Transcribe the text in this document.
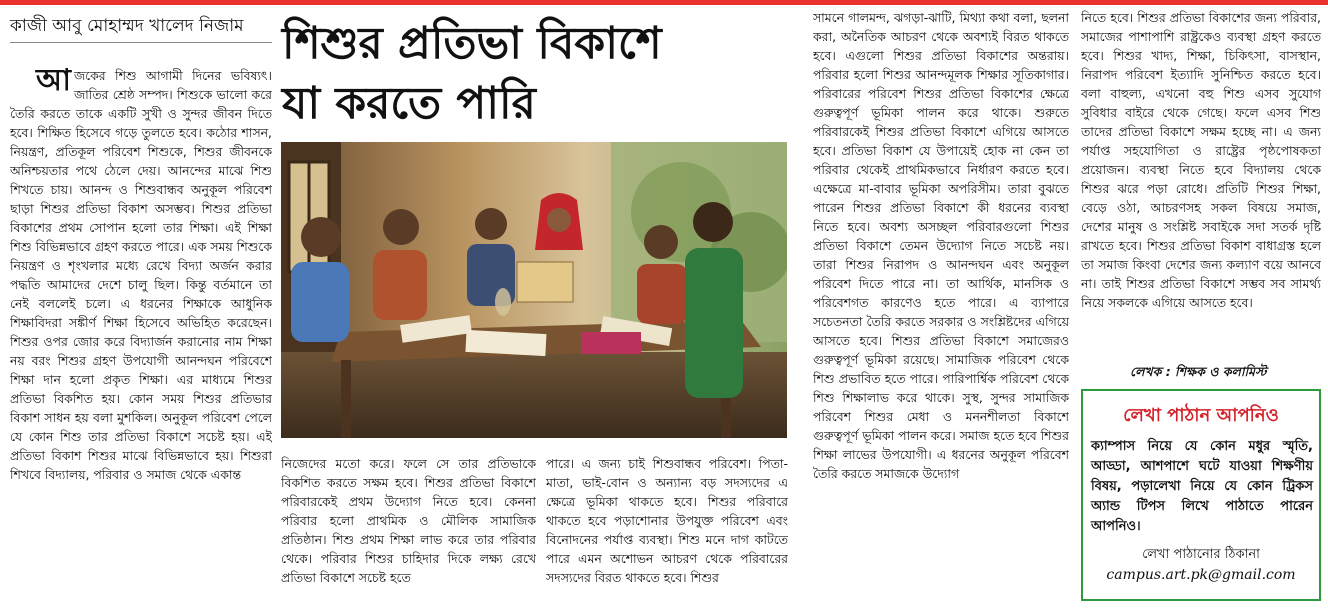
কাজী আবু মোহাম্মদ খালেদ নিজাম
আজকের শিশু আগামী দিনের ভবিষ্যৎ। জাতির শ্রেষ্ঠ সম্পদ। শিশুকে ভালো করে তৈরি করতে তাকে একটি সুখী ও সুন্দর জীবন দিতে হবে। শিক্ষিত হিসেবে গড়ে তুলতে হবে। কঠোর শাসন, নিয়ন্ত্রণ, প্রতিকূল পরিবেশ শিশুকে, শিশুর জীবনকে অনিশ্চয়তার পথে ঠেলে দেয়। আনন্দের মাঝে শিশু শিখতে চায়। আনন্দ ও শিশুবান্ধব অনুকূল পরিবেশ ছাড়া শিশুর প্রতিভা বিকাশ অসম্ভব। শিশুর প্রতিভা বিকাশের প্রথম সোপান হলো তার শিক্ষা। এই শিক্ষা শিশু বিভিন্নভাবে গ্রহণ করতে পারে। এক সময় শিশুকে নিয়ন্ত্রণ ও শৃংখলার মধ্যে রেখে বিদ্যা অর্জন করার পদ্ধতি আমাদের দেশে চালু ছিল। কিন্তু বর্তমানে তা নেই বললেই চলে। এ ধরনের শিক্ষাকে আধুনিক শিক্ষাবিদরা সঙ্কীর্ণ শিক্ষা হিসেবে অভিহিত করেছেন। শিশুর ওপর জোর করে বিদ্যার্জন করানোর নাম শিক্ষা নয় বরং শিশুর গ্রহণ উপযোগী আনন্দঘন পরিবেশে শিক্ষা দান হলো প্রকৃত শিক্ষা। এর মাধ্যমে শিশুর প্রতিভা বিকশিত হয়। কোন সময় শিশুর প্রতিভার বিকাশ সাধন হয় বলা মুশকিল। অনুকূল পরিবেশ পেলে যে কোন শিশু তার প্রতিভা বিকাশে সচেষ্ট হয়। এই প্রতিভা বিকাশ শিশুর মাঝে বিভিন্নভাবে হয়। শিশুরা শিখবে বিদ্যালয়, পরিবার ও সমাজ থেকে একান্ত
শিশুর প্রতিভা বিকাশে
যা করতে পারি

নিজেদের মতো করে। ফলে সে তার প্রতিভাকে বিকশিত করতে সক্ষম হবে। শিশুর প্রতিভা বিকাশে পরিবারকেই প্রথম উদ্যোগ নিতে হবে। কেননা পরিবার হলো প্রাথমিক ও মৌলিক সামাজিক প্রতিষ্ঠান। শিশু প্রথম শিক্ষা লাভ করে তার পরিবার থেকে। পরিবার শিশুর চাহিদার দিকে লক্ষ্য রেখে প্রতিভা বিকাশে সচেষ্ট হতে

পারে। এ জন্য চাই শিশুবান্ধব পরিবেশ। পিতা-মাতা, ভাই-বোন ও অন্যান্য বড় সদস্যদের এ ক্ষেত্রে ভূমিকা থাকতে হবে। শিশুর পরিবারে থাকতে হবে পড়াশোনার উপযুক্ত পরিবেশ এবং বিনোদনের পর্যাপ্ত ব্যবস্থা। শিশু মনে দাগ কাটতে পারে এমন অশোভন আচরণ থেকে পরিবারের সদস্যদের বিরত থাকতে হবে। শিশুর

সামনে গালমন্দ, ঝগড়া-ঝাটি, মিথ্যা কথা বলা, ছলনা করা, অনৈতিক আচরণ থেকে অবশ্যই বিরত থাকতে হবে। এগুলো শিশুর প্রতিভা বিকাশের অন্তরায়। পরিবার হলো শিশুর আনন্দমূলক শিক্ষার সূতিকাগার। পরিবারের পরিবেশ শিশুর প্রতিভা বিকাশের ক্ষেত্রে গুরুত্বপূর্ণ ভূমিকা পালন করে থাকে। শুরুতে পরিবারকেই শিশুর প্রতিভা বিকাশে এগিয়ে আসতে হবে। প্রতিভা বিকাশ যে উপায়েই হোক না কেন তা পরিবার থেকেই প্রাথমিকভাবে নির্ধারণ করতে হবে। এক্ষেত্রে মা-বাবার ভূমিকা অপরিসীম। তারা বুঝতে পারেন শিশুর প্রতিভা বিকাশে কী ধরনের ব্যবস্থা নিতে হবে। অবশ্য অসচ্ছল পরিবারগুলো শিশুর প্রতিভা বিকাশে তেমন উদ্যোগ নিতে সচেষ্ট নয়। তারা শিশুর নিরাপদ ও আনন্দঘন এবং অনুকূল পরিবেশ দিতে পারে না। তা আর্থিক, মানসিক ও পরিবেশগত কারণেও হতে পারে। এ ব্যাপারে সচেতনতা তৈরি করতে সরকার ও সংশ্লিষ্টদের এগিয়ে আসতে হবে। শিশুর প্রতিভা বিকাশে সমাজেরও গুরুত্বপূর্ণ ভূমিকা রয়েছে। সামাজিক পরিবেশ থেকে শিশু প্রভাবিত হতে পারে। পারিপার্শ্বিক পরিবেশ থেকে শিশু শিক্ষালাভ করে থাকে। সুস্থ, সুন্দর সামাজিক পরিবেশ শিশুর মেধা ও মননশীলতা বিকাশে গুরুত্বপূর্ণ ভূমিকা পালন করে। সমাজ হতে হবে শিশুর শিক্ষা লাভের উপযোগী। এ ধরনের অনুকূল পরিবেশ তৈরি করতে সমাজকে উদ্যোগ

নিতে হবে। শিশুর প্রতিভা বিকাশের জন্য পরিবার, সমাজের পাশাপাশি রাষ্ট্রকেও ব্যবস্থা গ্রহণ করতে হবে। শিশুর খাদ্য, শিক্ষা, চিকিৎসা, বাসস্থান, নিরাপদ পরিবেশ ইত্যাদি সুনিশ্চিত করতে হবে। বলা বাহুল্য, এখনো বহু শিশু এসব সুযোগ সুবিধার বাইরে থেকে গেছে। ফলে এসব শিশু তাদের প্রতিভা বিকাশে সক্ষম হচ্ছে না। এ জন্য পর্যাপ্ত সহযোগিতা ও রাষ্ট্রের পৃষ্ঠপোষকতা প্রয়োজন। ব্যবস্থা নিতে হবে বিদ্যালয় থেকে শিশুর ঝরে পড়া রোধে। প্রতিটি শিশুর শিক্ষা, বেড়ে ওঠা, আচরণসহ সকল বিষয়ে সমাজ, দেশের মানুষ ও সংশ্লিষ্ট সবাইকে সদা সতর্ক দৃষ্টি রাখতে হবে। শিশুর প্রতিভা বিকাশ বাধাগ্রস্ত হলে তা সমাজ কিংবা দেশের জন্য কল্যাণ বয়ে আনবে না। তাই শিশুর প্রতিভা বিকাশে সম্ভব সব সামর্থ্য নিয়ে সকলকে এগিয়ে আসতে হবে।

লেখক : শিক্ষক ও কলামিস্ট
লেখা পাঠান আপনিও
ক্যাম্পাস নিয়ে যে কোন মধুর স্মৃতি, আড্ডা, আশপাশে ঘটে যাওয়া শিক্ষণীয় বিষয়, পড়ালেখা নিয়ে যে কোন ট্রিকস অ্যান্ড টিপস লিখে পাঠাতে পারেন আপনিও।
লেখা পাঠানোর ঠিকানা
campus.art.pk@gmail.com
